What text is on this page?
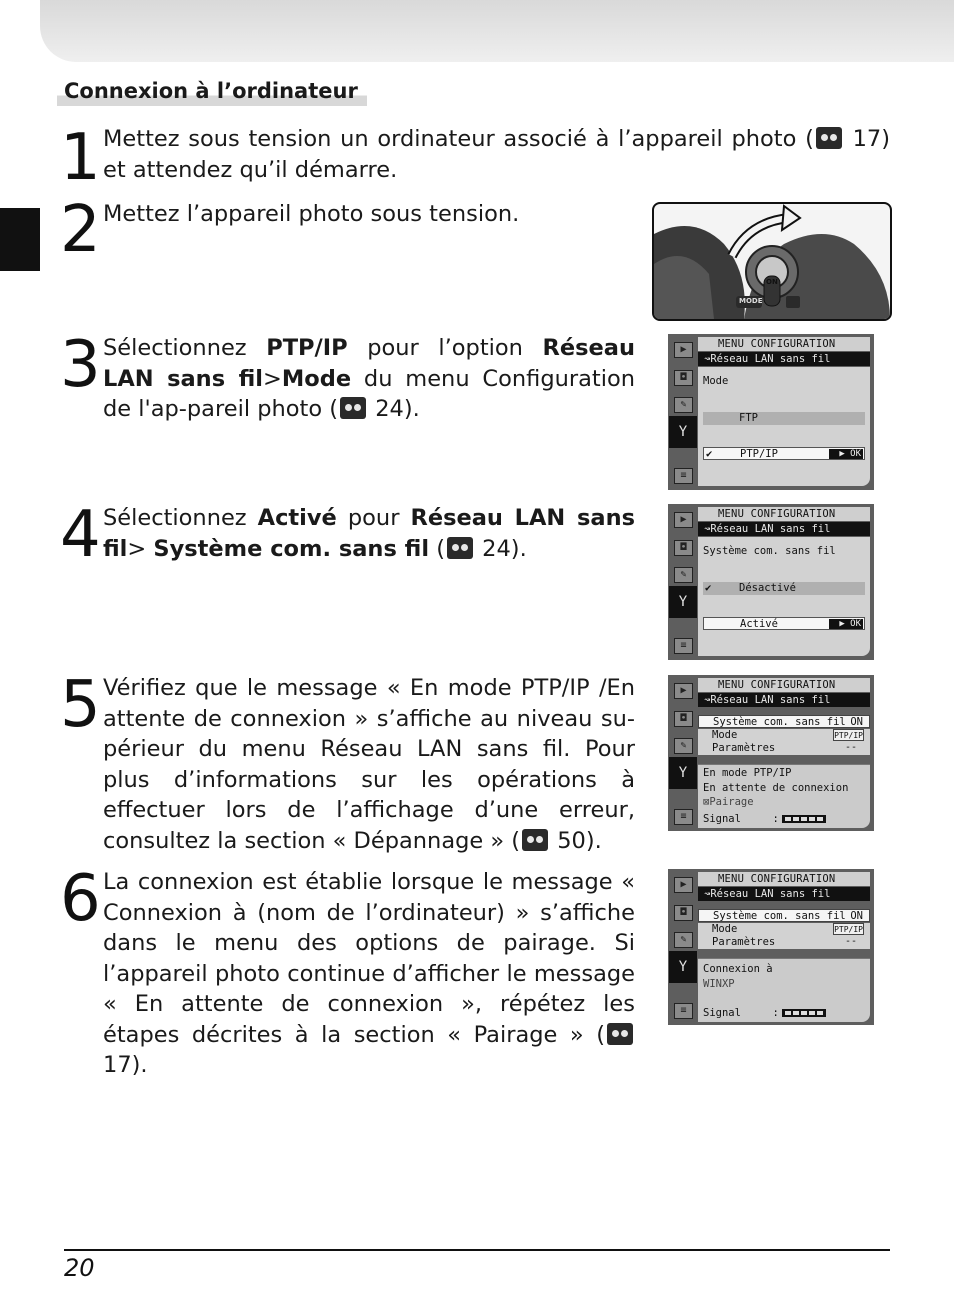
Connexion à l’ordinateur
1 Mettez sous tension un ordinateur associé à l’appareil photo ( 17) et attendez qu’il démarre.
2 Mettez l’appareil photo sous tension.
ON
MODE
3 Sélectionnez PTP/IP pour l’option Réseau LAN sans fil>Mode du menu Configuration de l'ap-pareil photo ( 24).
▶
◘
✎
Y
≡
MENU CONFIGURATION
↝Réseau LAN sans fil
Mode
FTP
✔	PTP/IP	▶ OK
4 Sélectionnez Activé pour Réseau LAN sans fil> Système com. sans fil ( 24).
▶
◘
✎
Y
≡
MENU CONFIGURATION
↝Réseau LAN sans fil
Système com. sans fil
✔	Désactivé
Activé	▶ OK
5 Vérifiez que le message « En mode PTP/IP /En attente de connexion » s’affiche au niveau su-périeur du menu Réseau LAN sans fil. Pour plus d’informations sur les opérations à effectuer lors de l’affichage d’une erreur, consultez la section « Dépannage » ( 50).
▶
◘
✎
Y
≡
MENU CONFIGURATION
↝Réseau LAN sans fil
Système com. sans fil ON
Mode	PTP/IP
Paramètres	--
En mode PTP/IP
En attente de connexion
⊠Pairage
Signal     :
6 La connexion est établie lorsque le message « Connexion à (nom de l’ordinateur) » s’affiche dans le menu des options de pairage. Si l’appareil photo continue d’afficher le message « En attente de connexion », répétez les étapes décrites à la section « Pairage » ( 17).
▶
◘
✎
Y
≡
MENU CONFIGURATION
↝Réseau LAN sans fil
Système com. sans fil ON
Mode	PTP/IP
Paramètres	--
Connexion à
WINXP
Signal     :
20
